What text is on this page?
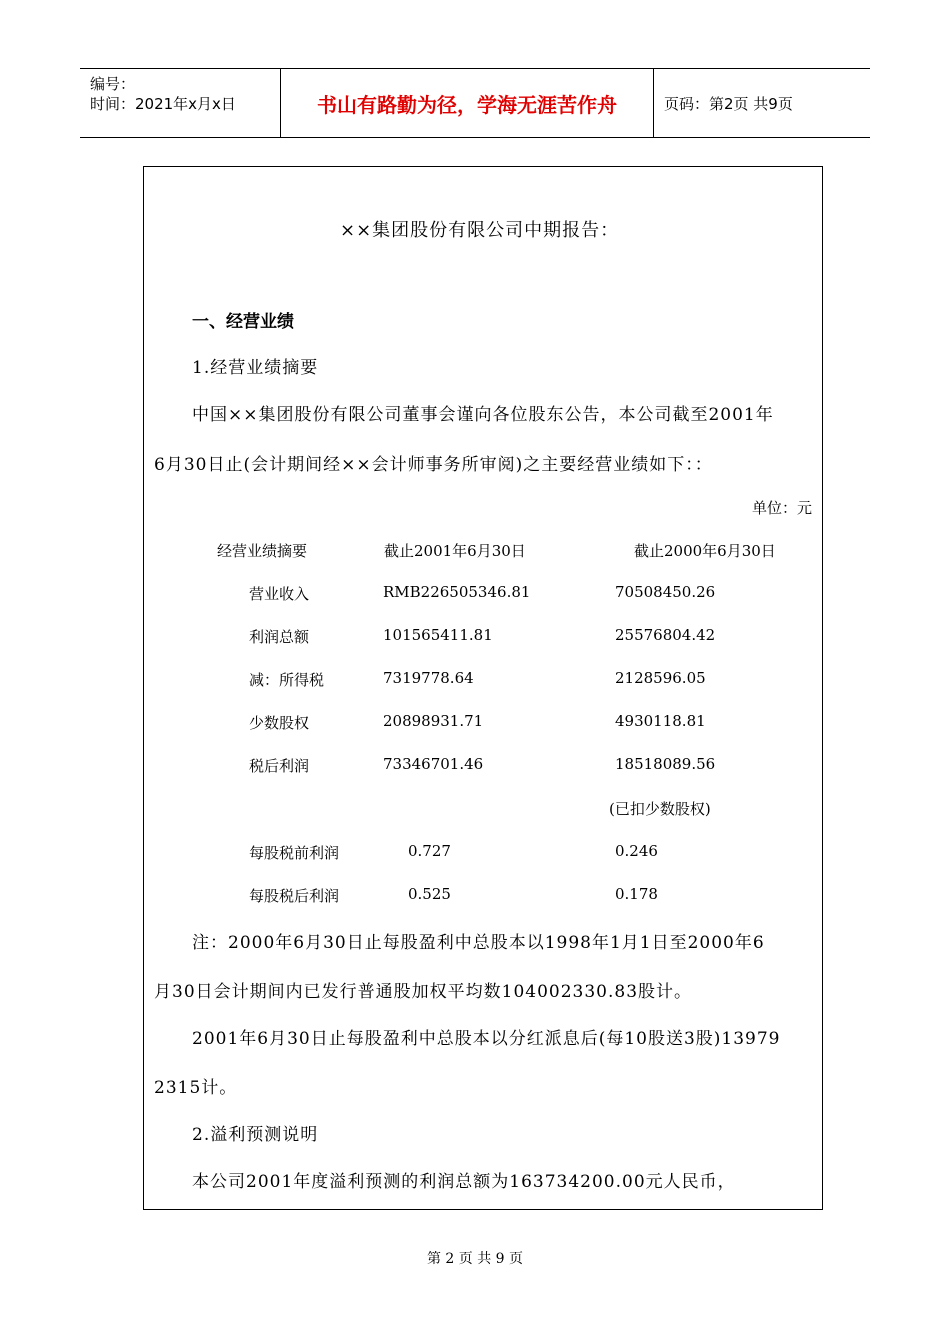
编号：
时间：2021年x月x日	书山有路勤为径，学海无涯苦作舟	页码：第2页 共9页
××集团股份有限公司中期报告：
一、经营业绩
1.经营业绩摘要
中国××集团股份有限公司董事会谨向各位股东公告，本公司截至2001年
6月30日止(会计期间经××会计师事务所审阅)之主要经营业绩如下：：
单位：元
经营业绩摘要	截止2001年6月30日	截止2000年6月30日
营业收入	RMB226505346.81	70508450.26
利润总额	101565411.81	25576804.42
减：所得税	7319778.64	2128596.05
少数股权	20898931.71	4930118.81
税后利润	73346701.46	18518089.56
(已扣少数股权)
每股税前利润	0.727	0.246
每股税后利润	0.525	0.178
注：2000年6月30日止每股盈利中总股本以1998年1月1日至2000年6
月30日会计期间内已发行普通股加权平均数104002330.83股计。
2001年6月30日止每股盈利中总股本以分红派息后(每10股送3股)13979
2315计。
2.溢利预测说明
本公司2001年度溢利预测的利润总额为163734200.00元人民币，
第 2 页 共 9 页
